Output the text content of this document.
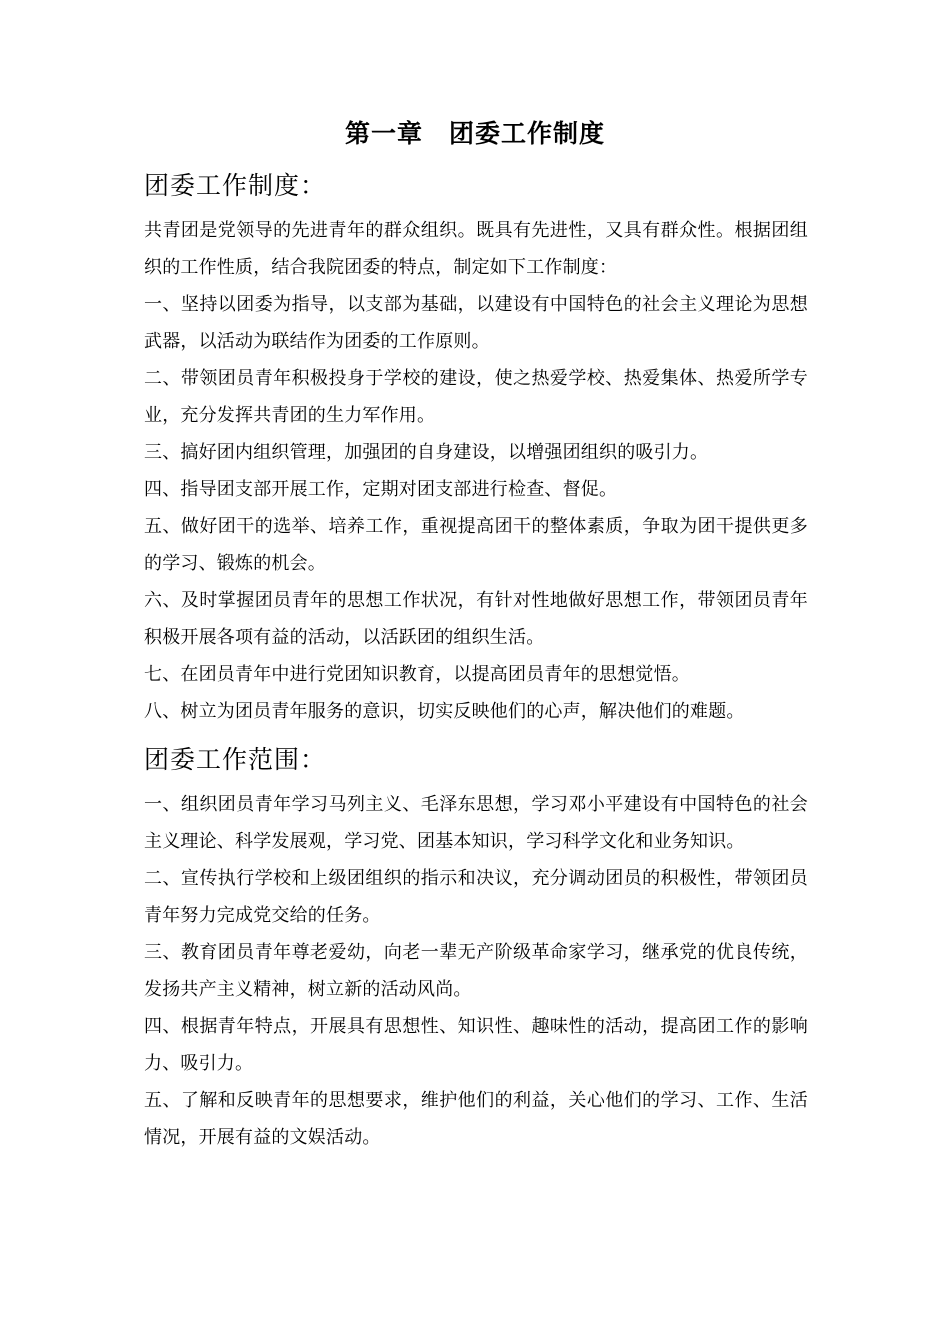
第一章　团委工作制度
团委工作制度：

共青团是党领导的先进青年的群众组织。既具有先进性，又具有群众性。根据团组织的工作性质，结合我院团委的特点，制定如下工作制度：

一、坚持以团委为指导，以支部为基础，以建设有中国特色的社会主义理论为思想武器，以活动为联结作为团委的工作原则。

二、带领团员青年积极投身于学校的建设，使之热爱学校、热爱集体、热爱所学专业，充分发挥共青团的生力军作用。

三、搞好团内组织管理，加强团的自身建设，以增强团组织的吸引力。

四、指导团支部开展工作，定期对团支部进行检查、督促。

五、做好团干的选举、培养工作，重视提高团干的整体素质，争取为团干提供更多的学习、锻炼的机会。

六、及时掌握团员青年的思想工作状况，有针对性地做好思想工作，带领团员青年积极开展各项有益的活动，以活跃团的组织生活。

七、在团员青年中进行党团知识教育，以提高团员青年的思想觉悟。

八、树立为团员青年服务的意识，切实反映他们的心声，解决他们的难题。

团委工作范围：

一、组织团员青年学习马列主义、毛泽东思想，学习邓小平建设有中国特色的社会主义理论、科学发展观，学习党、团基本知识，学习科学文化和业务知识。

二、宣传执行学校和上级团组织的指示和决议，充分调动团员的积极性，带领团员青年努力完成党交给的任务。

三、教育团员青年尊老爱幼，向老一辈无产阶级革命家学习，继承党的优良传统，发扬共产主义精神，树立新的活动风尚。

四、根据青年特点，开展具有思想性、知识性、趣味性的活动，提高团工作的影响力、吸引力。

五、了解和反映青年的思想要求，维护他们的利益，关心他们的学习、工作、生活情况，开展有益的文娱活动。
